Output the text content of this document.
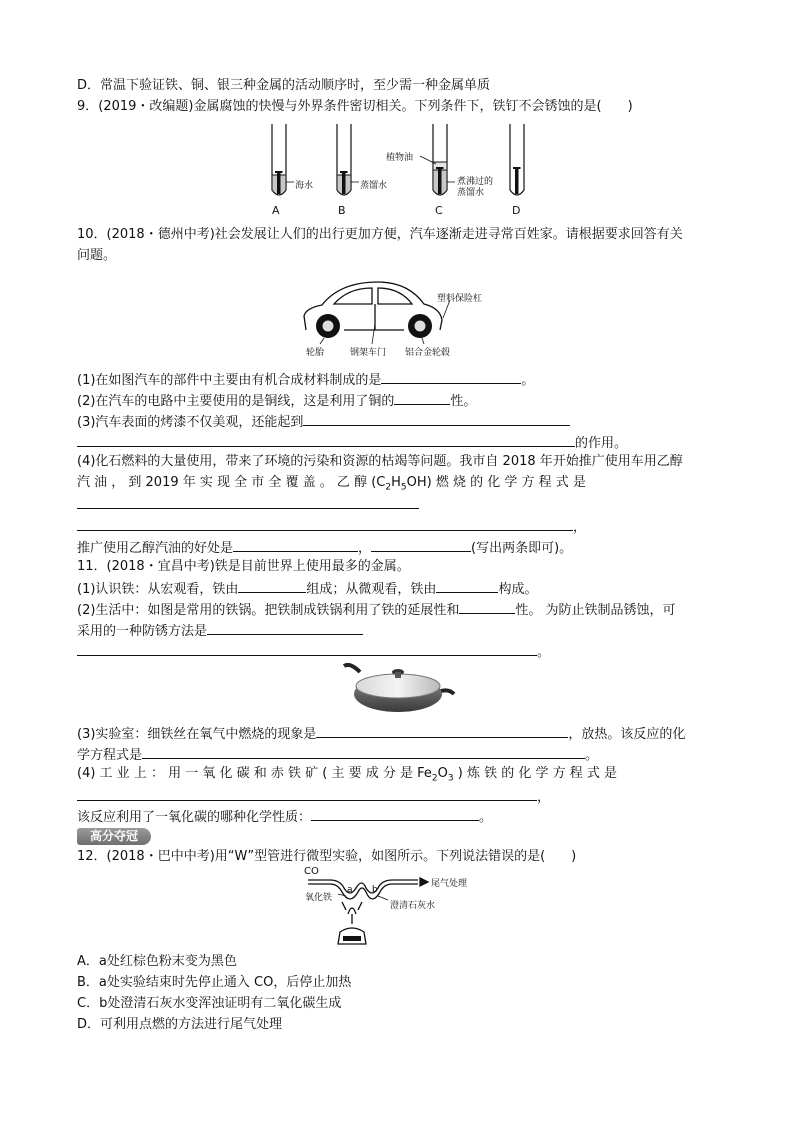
D．常温下验证铁、铜、银三种金属的活动顺序时，至少需一种金属单质
9．(2019・改编题)金属腐蚀的快慢与外界条件密切相关。下列条件下，铁钉不会锈蚀的是(　　)
海水	蒸馏水
植物油
煮沸过的
蒸馏水
A	B	C	D
10．(2018・德州中考)社会发展让人们的出行更加方便，汽车逐渐走进寻常百姓家。请根据要求回答有关
问题。
塑料保险杠
轮胎	钢架车门 铝合金轮毂
(1)在如图汽车的部件中主要由有机合成材料制成的是	。
(2)在汽车的电路中主要使用的是铜线，这是利用了铜的	性。
(3)汽车表面的烤漆不仅美观，还能起到
的作用。
(4)化石燃料的大量使用，带来了环境的污染和资源的枯竭等问题。我市自 2018 年开始推广使用车用乙醇
汽 油 ， 到 2019 年 实 现 全 市 全 覆 盖 。 乙 醇 $(C_2H_5OH)$ 燃 烧 的 化 学 方 程 式 是
，
推广使用乙醇汽油的好处是	，	(写出两条即可)。
11．(2018・宜昌中考)铁是目前世界上使用最多的金属。
(1)认识铁：从宏观看，铁由	组成；从微观看，铁由	构成。
(2)生活中：如图是常用的铁锅。把铁制成铁锅利用了铁的延展性和	性。 为防止铁制品锈蚀，可
采用的一种防锈方法是
。
(3)实验室：细铁丝在氧气中燃烧的现象是	，放热。该反应的化
学方程式是	。
(4) 工 业 上 ： 用 一 氧 化 碳 和 赤 铁 矿 ( 主 要 成 分 是 $Fe_2O_3$ ) 炼 铁 的 化 学 方 程 式 是
，
该反应利用了一氧化碳的哪种化学性质：	。
高分夺冠
12．(2018・巴中中考)用“W”型管进行微型实验，如图所示。下列说法错误的是(　　)
CO
尾气处理
氧化铁
澄清石灰水
a b
A．a处红棕色粉末变为黑色
B．a处实验结束时先停止通入 CO，后停止加热
C．b处澄清石灰水变浑浊证明有二氧化碳生成
D．可利用点燃的方法进行尾气处理
